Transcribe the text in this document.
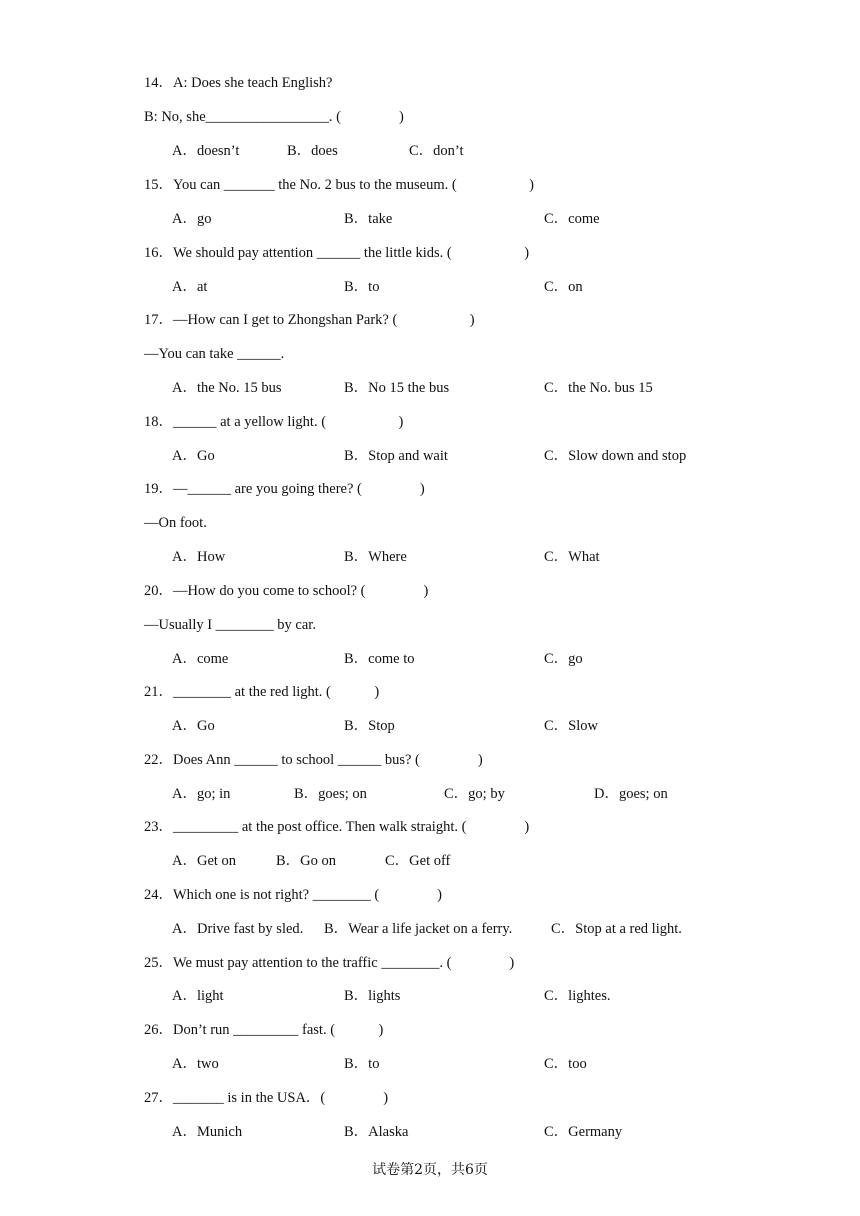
14．A: Does she teach English?
B: No, she_________________. (　　　　)
A．doesn’t	B．does	C．don’t
15．You can _______ the No. 2 bus to the museum. (　　　　　)
A．go	B．take	C．come
16．We should pay attention ______ the little kids. (　　　　　)
A．at	B．to	C．on
17．—How can I get to Zhongshan Park? (　　　　　)
—You can take ______.
A．the No. 15 bus	B．No 15 the bus	C．the No. bus 15
18．______ at a yellow light. (　　　　　)
A．Go	B．Stop and wait	C．Slow down and stop
19．—______ are you going there? (　　　　)
—On foot.
A．How	B．Where	C．What
20．—How do you come to school? (　　　　)
—Usually I ________ by car.
A．come	B．come to	C．go
21．________ at the red light. (　　　)
A．Go	B．Stop	C．Slow
22．Does Ann ______ to school ______ bus? (　　　　)
A．go; in	B．goes; on	C．go; by	D．goes; on
23．_________ at the post office. Then walk straight. (　　　　)
A．Get on	B．Go on	C．Get off
24．Which one is not right? ________ (　　　　)
A．Drive fast by sled. B．Wear a life jacket on a ferry.	C．Stop at a red light.
25．We must pay attention to the traffic ________. (　　　　)
A．light	B．lights	C．lightes.
26．Don’t run _________ fast. (　　　)
A．two	B．to	C．too
27．_______ is in the USA．(　　　　)
A．Munich	B．Alaska	C．Germany
试卷第2页，共6页
